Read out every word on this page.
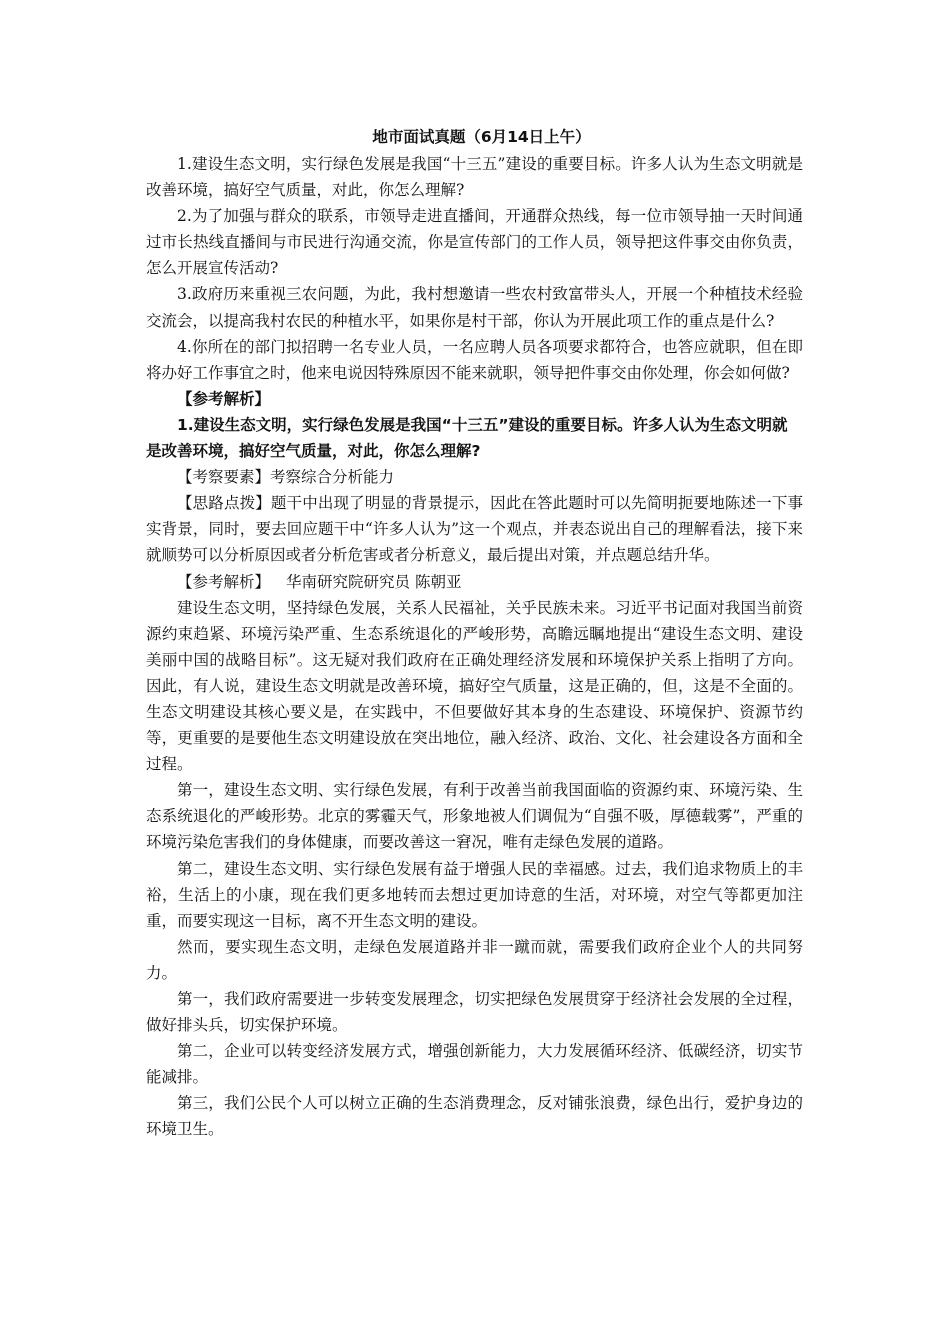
地市面试真题（6月14日上午）

1.建设生态文明，实行绿色发展是我国“十三五”建设的重要目标。许多人认为生态文明就是改善环境，搞好空气质量，对此，你怎么理解?

2.为了加强与群众的联系，市领导走进直播间，开通群众热线，每一位市领导抽一天时间通过市长热线直播间与市民进行沟通交流，你是宣传部门的工作人员，领导把这件事交由你负责，怎么开展宣传活动?

3.政府历来重视三农问题，为此，我村想邀请一些农村致富带头人，开展一个种植技术经验交流会，以提高我村农民的种植水平，如果你是村干部，你认为开展此项工作的重点是什么?

4.你所在的部门拟招聘一名专业人员，一名应聘人员各项要求都符合，也答应就职，但在即将办好工作事宜之时，他来电说因特殊原因不能来就职，领导把件事交由你处理，你会如何做?

【参考解析】

1.建设生态文明，实行绿色发展是我国“十三五”建设的重要目标。许多人认为生态文明就是改善环境，搞好空气质量，对此，你怎么理解?

【考察要素】考察综合分析能力

【思路点拨】题干中出现了明显的背景提示，因此在答此题时可以先简明扼要地陈述一下事实背景，同时，要去回应题干中“许多人认为”这一个观点，并表态说出自己的理解看法，接下来就顺势可以分析原因或者分析危害或者分析意义，最后提出对策，并点题总结升华。

【参考解析】 华南研究院研究员 陈朝亚

建设生态文明，坚持绿色发展，关系人民福祉，关乎民族未来。习近平书记面对我国当前资源约束趋紧、环境污染严重、生态系统退化的严峻形势，高瞻远瞩地提出“建设生态文明、建设美丽中国的战略目标”。这无疑对我们政府在正确处理经济发展和环境保护关系上指明了方向。因此，有人说，建设生态文明就是改善环境，搞好空气质量，这是正确的，但，这是不全面的。生态文明建设其核心要义是，在实践中，不但要做好其本身的生态建设、环境保护、资源节约等，更重要的是要他生态文明建设放在突出地位，融入经济、政治、文化、社会建设各方面和全过程。

第一，建设生态文明、实行绿色发展，有利于改善当前我国面临的资源约束、环境污染、生态系统退化的严峻形势。北京的雾霾天气，形象地被人们调侃为“自强不吸，厚德载雾”，严重的环境污染危害我们的身体健康，而要改善这一窘况，唯有走绿色发展的道路。

第二，建设生态文明、实行绿色发展有益于增强人民的幸福感。过去，我们追求物质上的丰裕，生活上的小康，现在我们更多地转而去想过更加诗意的生活，对环境，对空气等都更加注重，而要实现这一目标，离不开生态文明的建设。

然而，要实现生态文明，走绿色发展道路并非一蹴而就，需要我们政府企业个人的共同努力。

第一，我们政府需要进一步转变发展理念，切实把绿色发展贯穿于经济社会发展的全过程，做好排头兵，切实保护环境。

第二，企业可以转变经济发展方式，增强创新能力，大力发展循环经济、低碳经济，切实节能减排。

第三，我们公民个人可以树立正确的生态消费理念，反对铺张浪费，绿色出行，爱护身边的环境卫生。
